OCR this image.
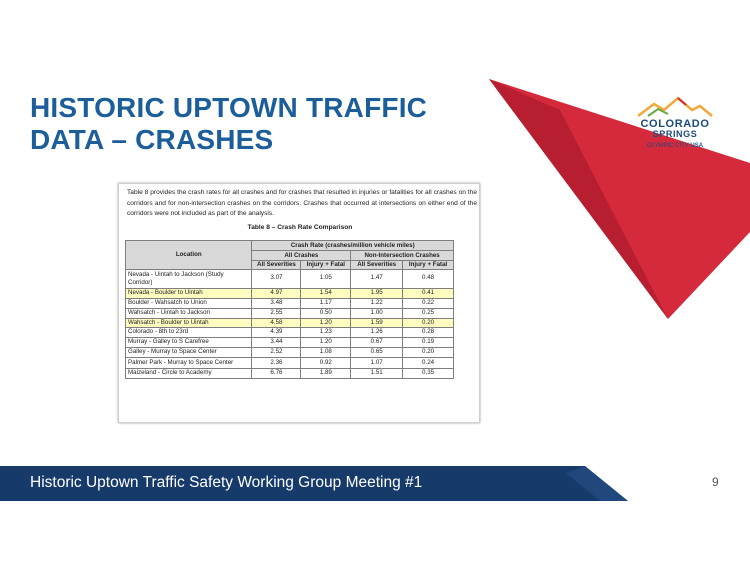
HISTORIC UPTOWN TRAFFIC
DATA – CRASHES	COLORADO
SPRINGS
OLYMPIC CITY USA

Table 8 provides the crash rates for all crashes and for crashes that resulted in injuries or fatalities for all crashes on the corridors and for non-intersection crashes on the corridors. Crashes that occurred at intersections on either end of the corridors were not included as part of the analysis.

Table 8 – Crash Rate Comparison

Location	Crash Rate (crashes/million vehicle miles)			
	All Crashes		Non-Intersection Crashes	
	All Severities	Injury + Fatal	All Severities	Injury + Fatal
Nevada - Uintah to Jackson (Study Corridor)	3.07	1.05	1.47	0.48
Nevada - Boulder to Uintah	4.97	1.54	1.95	0.41
Boulder - Wahsatch to Union	3.48	1.17	1.22	0.22
Wahsatch - Uintah to Jackson	2.55	0.50	1.00	0.25
Wahsatch - Boulder to Uintah	4.58	1.20	1.59	0.20
Colorado - 8th to 23rd	4.39	1.23	1.26	0.28
Murray - Galley to S Carefree	3.44	1.20	0.67	0.19
Galley - Murray to Space Center	2.52	1.08	0.65	0.20
Palmer Park - Murray to Space Center	2.36	0.92	1.07	0.24
Maizeland - Circle to Academy	6.76	1.89	1.51	0.35
Historic Uptown Traffic Safety Working Group Meeting #1	9
